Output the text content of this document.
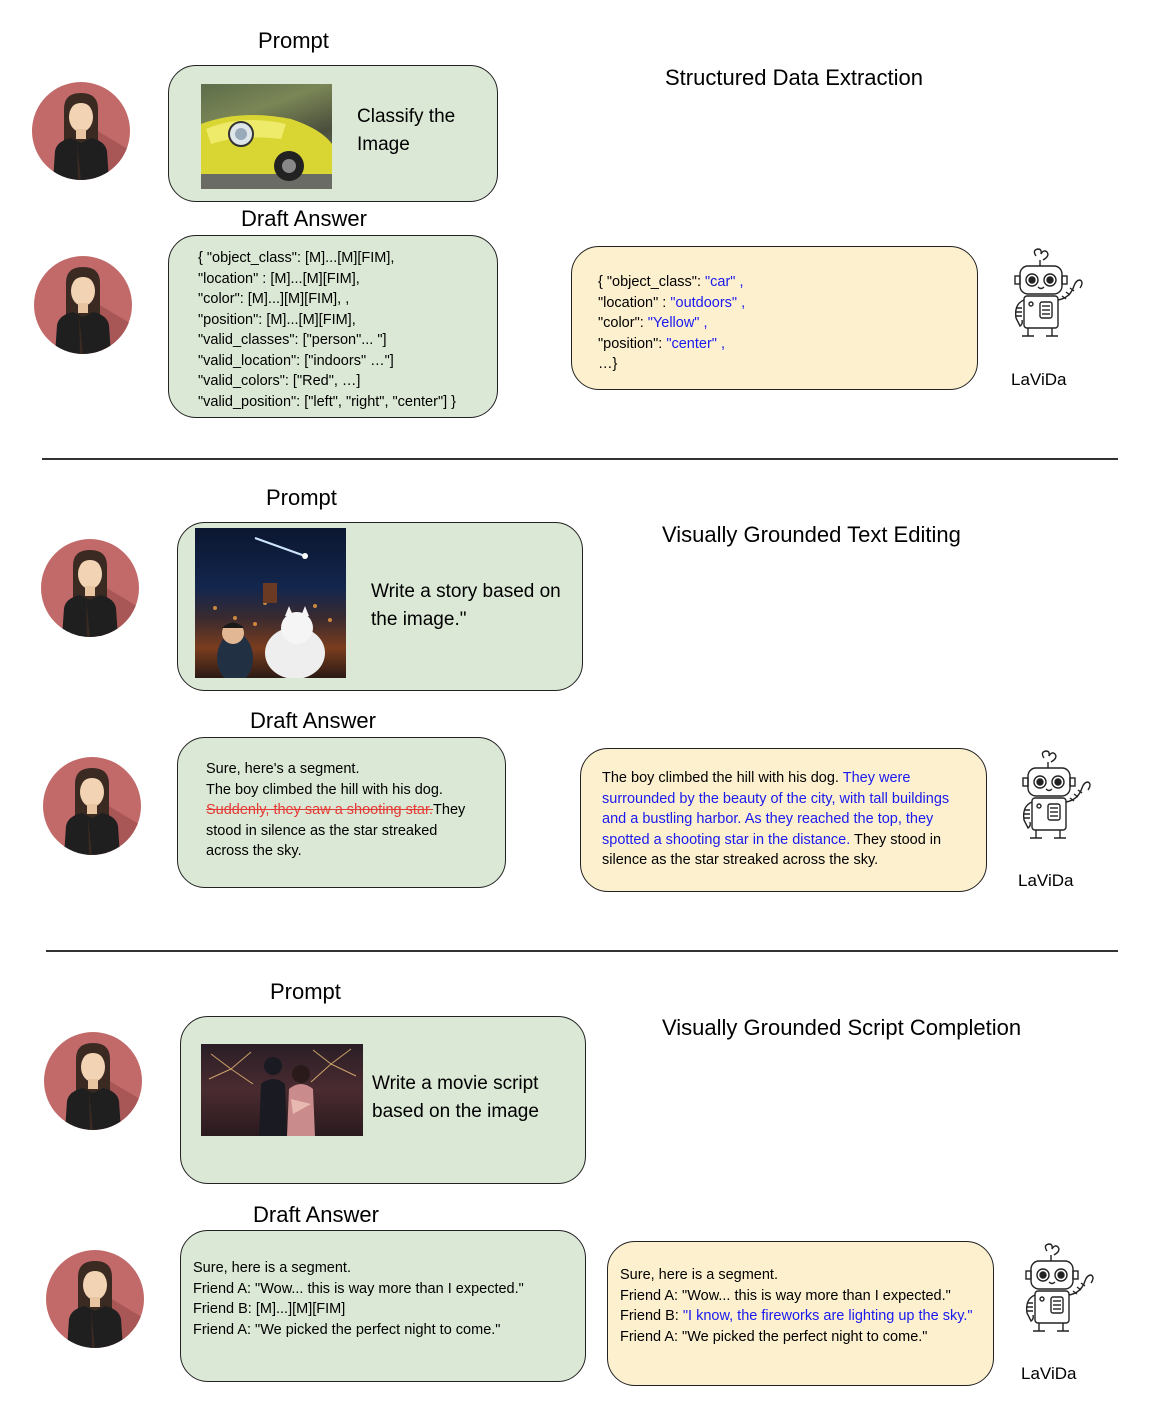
Prompt
Structured Data Extraction
Classify the Image
Draft Answer
{ "object_class": [M]...[M][FIM],
"location" : [M]...[M][FIM],
"color": [M]...][M][FIM], ,
"position": [M]...[M][FIM],
"valid_classes": ["person"... "]
"valid_location": ["indoors" …"]
"valid_colors": ["Red", …]
"valid_position": ["left", "right", "center"] }
{ "object_class": "car" ,
"location" : "outdoors" ,
"color": "Yellow" ,
"position": "center" ,
…}
LaViDa
Prompt
Visually Grounded Text Editing
Write a story based on the image."
Draft Answer
Sure, here's a segment.
The boy climbed the hill with his dog.
Suddenly, they saw a shooting star.They
stood in silence as the star streaked
across the sky.
The boy climbed the hill with his dog. They were
surrounded by the beauty of the city, with tall buildings
and a bustling harbor. As they reached the top, they
spotted a shooting star in the distance. They stood in
silence as the star streaked across the sky.
LaViDa
Prompt
Visually Grounded Script Completion
Write a movie script based on the image
Draft Answer
Sure, here is a segment.
Friend A: "Wow... this is way more than I expected."
Friend B: [M]...][M][FIM]
Friend A: "We picked the perfect night to come."
Sure, here is a segment.
Friend A: "Wow... this is way more than I expected."
Friend B: "I know, the fireworks are lighting up the sky."
Friend A: "We picked the perfect night to come."
LaViDa
